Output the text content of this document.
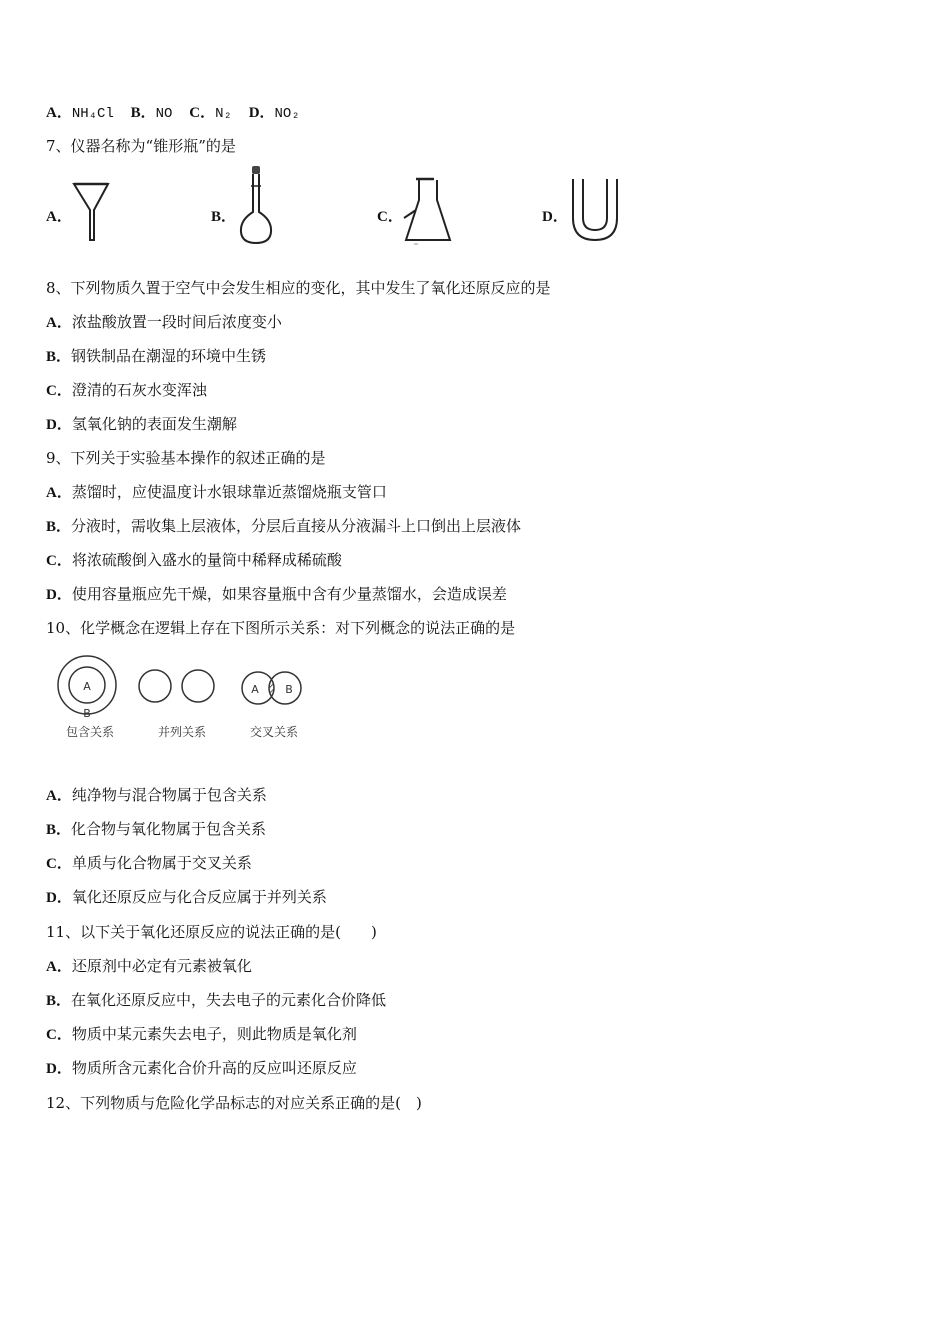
A．NH₄Cl B．NO C．N₂ D．NO₂
7、仪器名称为“锥形瓶”的是
A．	B．	C．	D．
8、下列物质久置于空气中会发生相应的变化，其中发生了氧化还原反应的是
A．浓盐酸放置一段时间后浓度变小
B．钢铁制品在潮湿的环境中生锈
C．澄清的石灰水变浑浊
D．氢氧化钠的表面发生潮解
9、下列关于实验基本操作的叙述正确的是
A．蒸馏时，应使温度计水银球靠近蒸馏烧瓶支管口
B．分液时，需收集上层液体，分层后直接从分液漏斗上口倒出上层液体
C．将浓硫酸倒入盛水的量筒中稀释成稀硫酸
D．使用容量瓶应先干燥，如果容量瓶中含有少量蒸馏水，会造成误差
10、化学概念在逻辑上存在下图所示关系：对下列概念的说法正确的是
A
B
包含关系	并列关系
A B
交叉关系
A．纯净物与混合物属于包含关系
B．化合物与氧化物属于包含关系
C．单质与化合物属于交叉关系
D．氧化还原反应与化合反应属于并列关系
11、以下关于氧化还原反应的说法正确的是(　　)
A．还原剂中必定有元素被氧化
B．在氧化还原反应中，失去电子的元素化合价降低
C．物质中某元素失去电子，则此物质是氧化剂
D．物质所含元素化合价升高的反应叫还原反应
12、下列物质与危险化学品标志的对应关系正确的是(　)
